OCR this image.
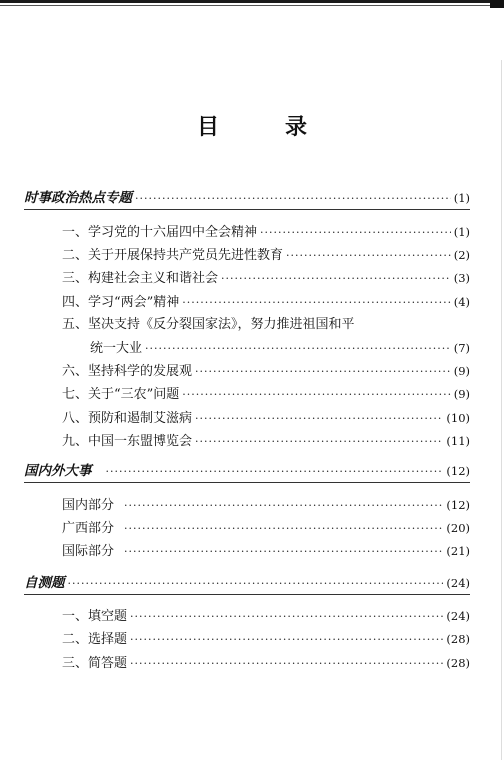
目　录
时事政治热点专题 ·····	(1)
一、学习党的十六届四中全会精神 ·····	(1)
二、关于开展保持共产党员先进性教育 ·····	(2)
三、构建社会主义和谐社会 ·····	(3)
四、学习“两会”精神 ·····	(4)
五、坚决支持《反分裂国家法》，努力推进祖国和平
统一大业 ·····	(7)
六、坚持科学的发展观 ·····	(9)
七、关于“三农”问题 ·····	(9)
八、预防和遏制艾滋病 ·····	(10)
九、中国一东盟博览会 ·····	(11)
国内外大事 ·····	(12)
国内部分 ·····	(12)
广西部分 ·····	(20)
国际部分 ·····	(21)
自测题 ·····	(24)
一、填空题 ·····	(24)
二、选择题 ·····	(28)
三、简答题 ·····	(28)
